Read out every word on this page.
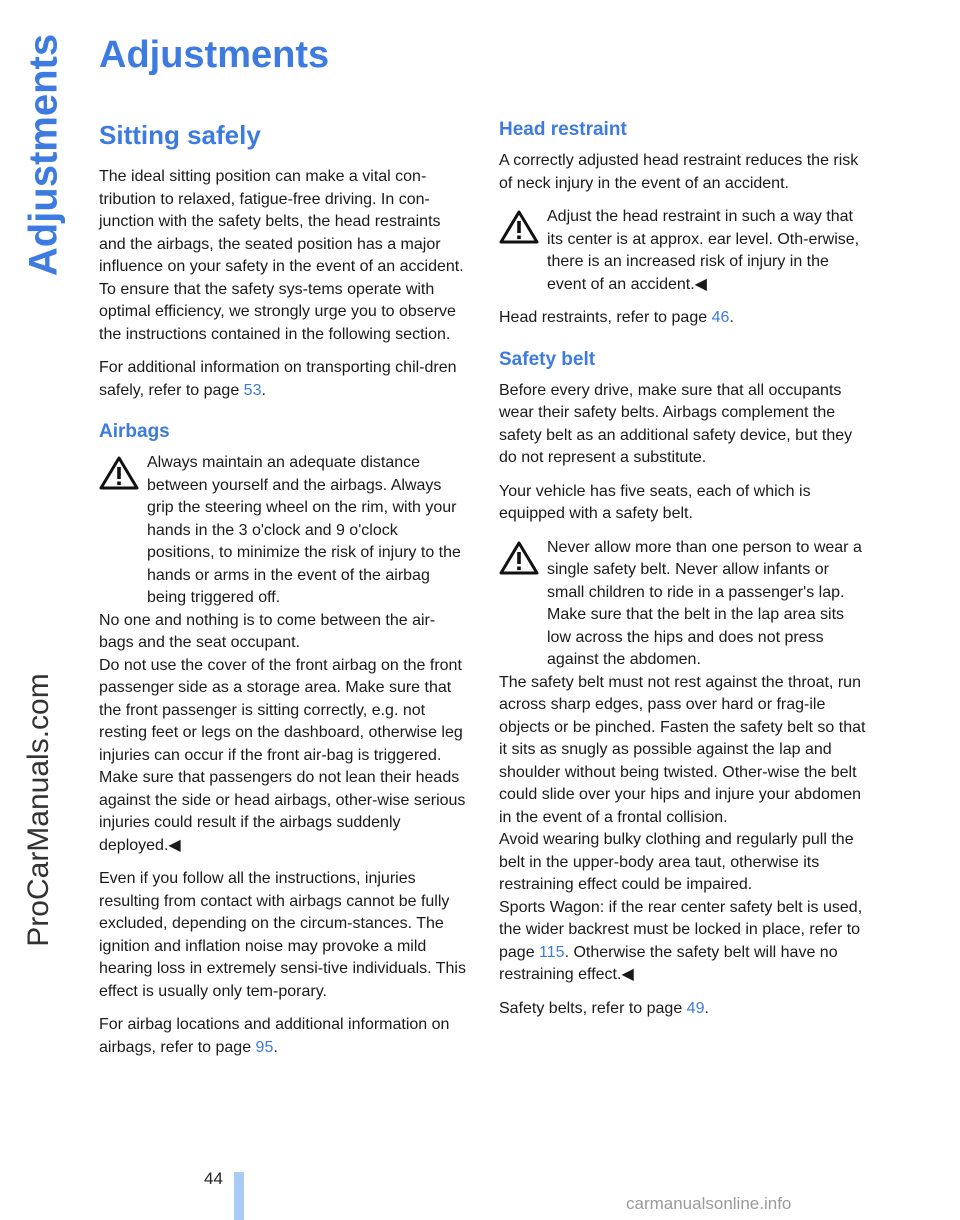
Adjustments
ProCarManuals.com
Adjustments
Sitting safely

The ideal sitting position can make a vital con-tribution to relaxed, fatigue-free driving. In con-junction with the safety belts, the head restraints and the airbags, the seated position has a major influence on your safety in the event of an accident. To ensure that the safety sys-tems operate with optimal efficiency, we strongly urge you to observe the instructions contained in the following section.

For additional information on transporting chil-dren safely, refer to page 53.

Airbags

Always maintain an adequate distance between yourself and the airbags. Always grip the steering wheel on the rim, with your hands in the 3 o'clock and 9 o'clock positions, to minimize the risk of injury to the hands or arms in the event of the airbag being triggered off.

No one and nothing is to come between the air-bags and the seat occupant.

Do not use the cover of the front airbag on the front passenger side as a storage area. Make sure that the front passenger is sitting correctly, e.g. not resting feet or legs on the dashboard, otherwise leg injuries can occur if the front air-bag is triggered.

Make sure that passengers do not lean their heads against the side or head airbags, other-wise serious injuries could result if the airbags suddenly deployed.◀

Even if you follow all the instructions, injuries resulting from contact with airbags cannot be fully excluded, depending on the circum-stances. The ignition and inflation noise may provoke a mild hearing loss in extremely sensi-tive individuals. This effect is usually only tem-porary.

For airbag locations and additional information on airbags, refer to page 95.

Head restraint

A correctly adjusted head restraint reduces the risk of neck injury in the event of an accident.

Adjust the head restraint in such a way that its center is at approx. ear level. Oth-erwise, there is an increased risk of injury in the event of an accident.◀

Head restraints, refer to page 46.

Safety belt

Before every drive, make sure that all occupants wear their safety belts. Airbags complement the safety belt as an additional safety device, but they do not represent a substitute.

Your vehicle has five seats, each of which is equipped with a safety belt.

Never allow more than one person to wear a single safety belt. Never allow infants or small children to ride in a passenger's lap. Make sure that the belt in the lap area sits low across the hips and does not press against the abdomen.

The safety belt must not rest against the throat, run across sharp edges, pass over hard or frag-ile objects or be pinched. Fasten the safety belt so that it sits as snugly as possible against the lap and shoulder without being twisted. Other-wise the belt could slide over your hips and injure your abdomen in the event of a frontal collision.

Avoid wearing bulky clothing and regularly pull the belt in the upper-body area taut, otherwise its restraining effect could be impaired.

Sports Wagon: if the rear center safety belt is used, the wider backrest must be locked in place, refer to page 115. Otherwise the safety belt will have no restraining effect.◀

Safety belts, refer to page 49.

44
carmanualsonline.info
